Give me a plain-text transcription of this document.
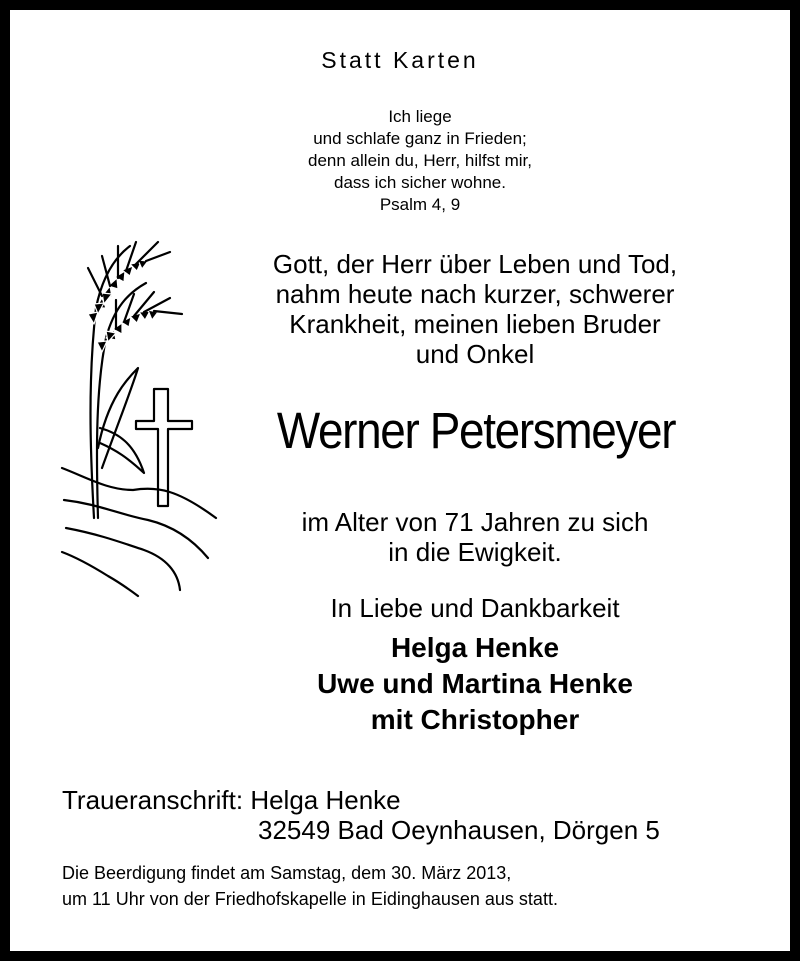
Statt Karten

Ich liege
und schlafe ganz in Frieden;
denn allein du, Herr, hilfst mir,
dass ich sicher wohne.
Psalm 4, 9
Gott, der Herr über Leben und Tod,
nahm heute nach kurzer, schwerer
Krankheit, meinen lieben Bruder
und Onkel

Werner Petersmeyer

im Alter von 71 Jahren zu sich
in die Ewigkeit.
In Liebe und Dankbarkeit
Helga Henke
Uwe und Martina Henke
mit Christopher

Traueranschrift: Helga Henke

32549 Bad Oeynhausen, Dörgen 5

Die Beerdigung findet am Samstag, dem 30. März 2013,
um 11 Uhr von der Friedhofskapelle in Eidinghausen aus statt.
